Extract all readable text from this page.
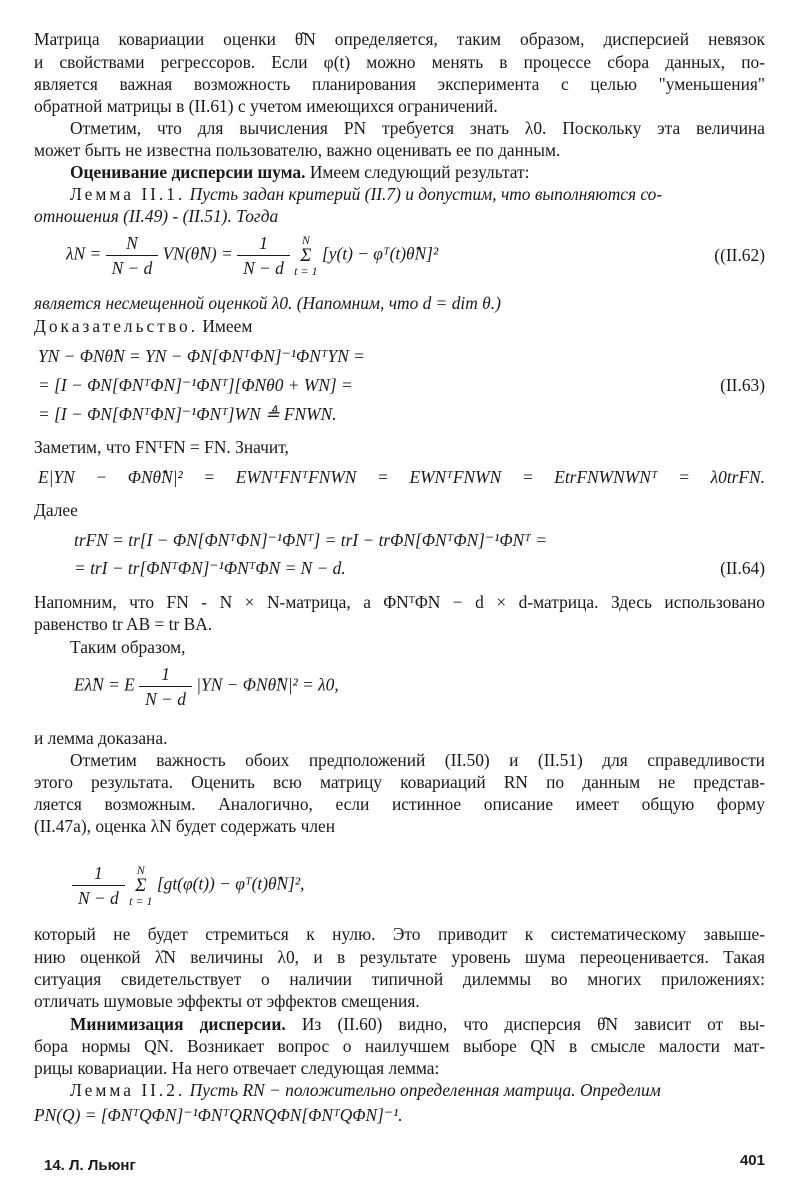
Матрица ковариации оценки θ̂N определяется, таким образом, дисперсией невязок
и свойствами регрессоров. Если φ(t) можно менять в процессе сбора данных, по-
является важная возможность планирования эксперимента с целью "уменьшения"
обратной матрицы в (II.61) с учетом имеющихся ограничений.
Отметим, что для вычисления PN требуется знать λ0. Поскольку эта величина
может быть не известна пользователю, важно оценивать ее по данным.
Оценивание дисперсии шума. Имеем следующий результат:
Лемма II.1. Пусть задан критерий (II.7) и допустим, что выполняются со-
отношения (II.49) - (II.51). Тогда
$\lambda N = \frac{N}{N - d}$ VN(θ̂N) = $\frac{1}{N - d}$ N
Σ
t = 1 [y(t) − φᵀ(t)θ̂N]²	((II.62)
является несмещенной оценкой λ0. (Напомним, что d = dim θ.)
Доказательство. Имеем
YN − ΦNθ̂N = YN − ΦN[ΦNᵀΦN]⁻¹ΦNᵀYN =
= [I − ΦN[ΦNᵀΦN]⁻¹ΦNᵀ][ΦNθ0 + WN] =
= [I − ΦN[ΦNᵀΦN]⁻¹ΦNᵀ]WN ≜ FNWN.
(II.63)
Заметим, что FNᵀFN = FN. Значит,
E|YN − ΦNθ̂N|² = EWNᵀFNᵀFNWN = EWNᵀFNWN = EtrFNWNWNᵀ = λ0trFN.
Далее
trFN = tr[I − ΦN[ΦNᵀΦN]⁻¹ΦNᵀ] = trI − trΦN[ΦNᵀΦN]⁻¹ΦNᵀ =
= trI − tr[ΦNᵀΦN]⁻¹ΦNᵀΦN = N − d.	(II.64)
Напомним, что FN - N × N-матрица, а ΦNᵀΦN − d × d-матрица. Здесь использовано
равенство tr AB = tr BA.
Таким образом,
Eλ̂N = E $\frac{1}{N - d} |YN$ − ΦNθ̂N|² = λ0,
и лемма доказана.
Отметим важность обоих предположений (II.50) и (II.51) для справедливости
этого результата. Оценить всю матрицу ковариаций RN по данным не представ-
ляется возможным. Аналогично, если истинное описание имеет общую форму
(II.47a), оценка λN будет содержать член
$\frac{1}{N - d}$ N
Σ
t = 1 [gt(φ(t)) − φᵀ(t)θ̂N]²,
который не будет стремиться к нулю. Это приводит к систематическому завыше-
нию оценкой λ̂N величины λ0, и в результате уровень шума переоценивается. Такая
ситуация свидетельствует о наличии типичной дилеммы во многих приложениях:
отличать шумовые эффекты от эффектов смещения.
Минимизация дисперсии. Из (II.60) видно, что дисперсия θ̂N зависит от вы-
бора нормы QN. Возникает вопрос о наилучшем выборе QN в смысле малости мат-
рицы ковариации. На него отвечает следующая лемма:
Лемма II.2. Пусть RN − положительно определенная матрица. Определим
PN(Q) = [ΦNᵀQΦN]⁻¹ΦNᵀQRNQΦN[ΦNᵀQΦN]⁻¹.
14. Л. Льюнг	401
